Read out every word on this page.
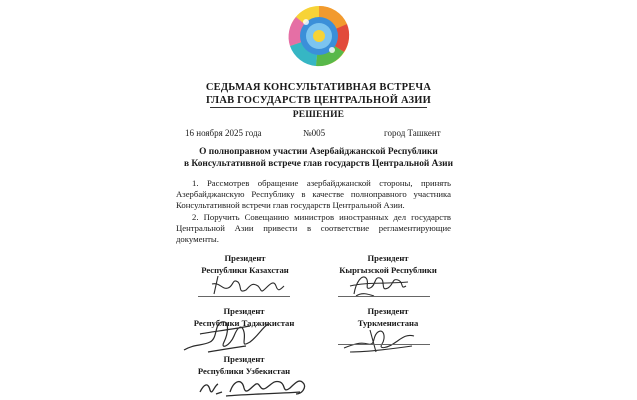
СЕДЬМАЯ КОНСУЛЬТАТИВНАЯ ВСТРЕЧА
ГЛАВ ГОСУДАРСТВ ЦЕНТРАЛЬНОЙ АЗИИ
РЕШЕНИЕ
16 ноября 2025 года	№005	город Ташкент
О полноправном участии Азербайджанской Республики
в Консультативной встрече глав государств Центральной Азии

1. Рассмотрев обращение азербайджанской стороны, принять Азербайджанскую Республику в качестве полноправного участника Консультативной встречи глав государств Центральной Азии.

2. Поручить Совещанию министров иностранных дел государств Центральной Азии привести в соответствие регламентирующие документы.

Президент
Республики Казахстан
Президент
Кыргызской Республики
Президент
Республики Таджикистан
Президент
Туркменистана
Президент
Республики Узбекистан
